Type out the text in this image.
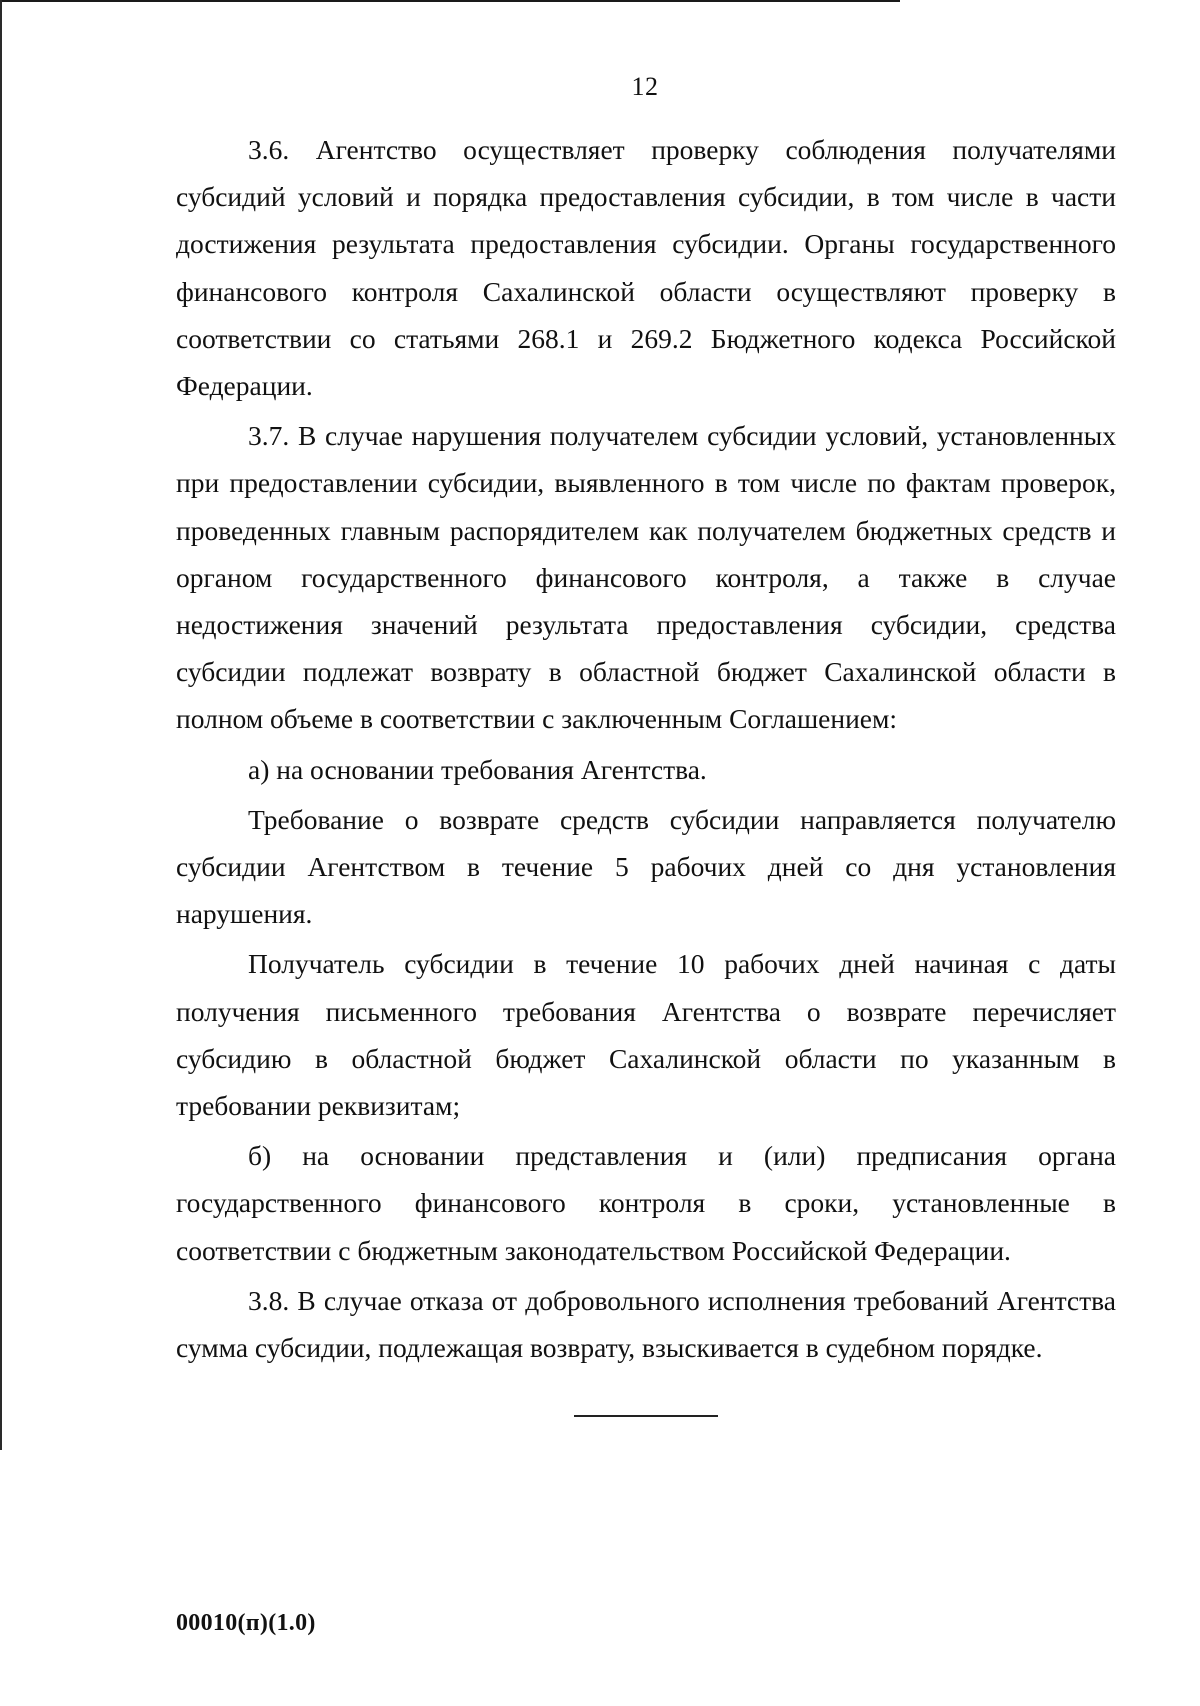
12

3.6. Агентство осуществляет проверку соблюдения получателями субсидий условий и порядка предоставления субсидии, в том числе в части достижения результата предоставления субсидии. Органы государственного финансового контроля Сахалинской области осуществляют проверку в соответствии со статьями 268.1 и 269.2 Бюджетного кодекса Российской Федерации.

3.7. В случае нарушения получателем субсидии условий, установленных при предоставлении субсидии, выявленного в том числе по фактам проверок, проведенных главным распорядителем как получателем бюджетных средств и органом государственного финансового контроля, а также в случае недостижения значений результата предоставления субсидии, средства субсидии подлежат возврату в областной бюджет Сахалинской области в полном объеме в соответствии с заключенным Соглашением:

а) на основании требования Агентства.

Требование о возврате средств субсидии направляется получателю субсидии Агентством в течение 5 рабочих дней со дня установления нарушения.

Получатель субсидии в течение 10 рабочих дней начиная с даты получения письменного требования Агентства о возврате перечисляет субсидию в областной бюджет Сахалинской области по указанным в требовании реквизитам;

б) на основании представления и (или) предписания органа государственного финансового контроля в сроки, установленные в соответствии с бюджетным законодательством Российской Федерации.

3.8. В случае отказа от добровольного исполнения требований Агентства сумма субсидии, подлежащая возврату, взыскивается в судебном порядке.

00010(п)(1.0)
